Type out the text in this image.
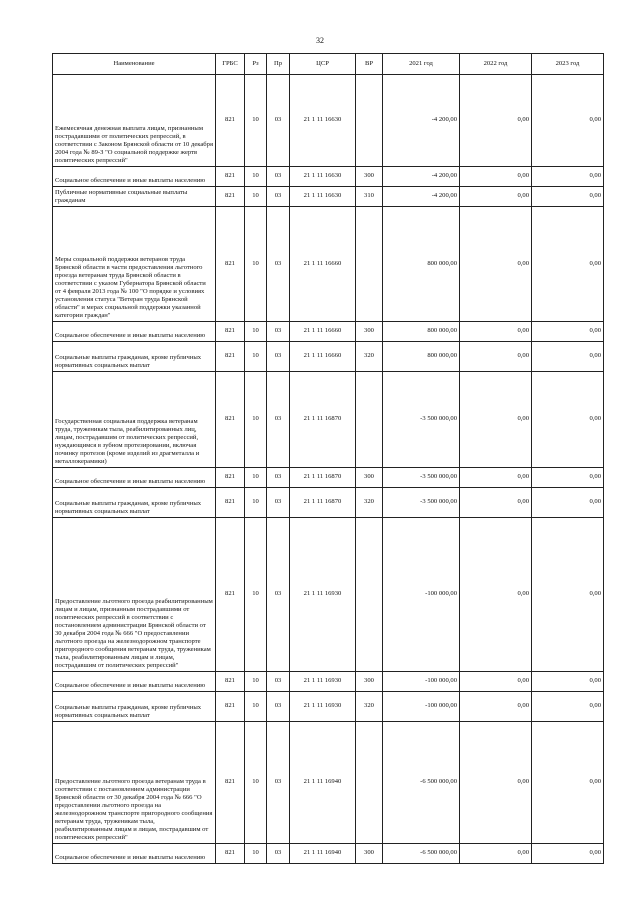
32
Наименование	ГРБС	Рз	Пр	ЦСР	ВР	2021 год	2022 год	2023 год
Ежемесячная денежная выплата лицам, признанным пострадавшими от политических репрессий, в соответствии с Законом Брянской области от 10 декабря 2004 года № 89-З "О социальной поддержке жертв политических репрессий"	821	10	03	21 1 11 16630		-4 200,00	0,00	0,00
Социальное обеспечение и иные выплаты населению	821	10	03	21 1 11 16630	300	-4 200,00	0,00	0,00
Публичные нормативные социальные выплаты гражданам	821	10	03	21 1 11 16630	310	-4 200,00	0,00	0,00
Меры социальной поддержки ветеранов труда Брянской области в части предоставления льготного проезда ветеранам труда Брянской области в соответствии с указом Губернатора Брянской области от 4 февраля 2013 года № 100 "О порядке и условиях установления статуса "Ветеран труда Брянской области" и мерах социальной поддержки указанной категории граждан"	821	10	03	21 1 11 16660		800 000,00	0,00	0,00
Социальное обеспечение и иные выплаты населению	821	10	03	21 1 11 16660	300	800 000,00	0,00	0,00
Социальные выплаты гражданам, кроме публичных нормативных социальных выплат	821	10	03	21 1 11 16660	320	800 000,00	0,00	0,00
Государственная социальная поддержка ветеранам труда, труженикам тыла, реабилитированных лиц, лицам, пострадавшим от политических репрессий, нуждающимся в зубном протезировании, включая починку протезов (кроме изделий из драгметалла и металлокерамики)	821	10	03	21 1 11 16870		-3 500 000,00	0,00	0,00
Социальное обеспечение и иные выплаты населению	821	10	03	21 1 11 16870	300	-3 500 000,00	0,00	0,00
Социальные выплаты гражданам, кроме публичных нормативных социальных выплат	821	10	03	21 1 11 16870	320	-3 500 000,00	0,00	0,00
Предоставление льготного проезда реабилитированным лицам и лицам, признанным пострадавшими от политических репрессий в соответствии с постановлением администрации Брянской области от 30 декабря 2004 года № 666 "О предоставлении льготного проезда на железнодорожном транспорте пригородного сообщения ветеранам труда, труженикам тыла, реабилитированным лицам и лицам, пострадавшим от политических репрессий"	821	10	03	21 1 11 16930		-100 000,00	0,00	0,00
Социальное обеспечение и иные выплаты населению	821	10	03	21 1 11 16930	300	-100 000,00	0,00	0,00
Социальные выплаты гражданам, кроме публичных нормативных социальных выплат	821	10	03	21 1 11 16930	320	-100 000,00	0,00	0,00
Предоставление льготного проезда ветеранам труда в соответствии с постановлением администрации Брянской области от 30 декабря 2004 года № 666 "О предоставлении льготного проезда на железнодорожном транспорте пригородного сообщения ветеранам труда, труженикам тыла, реабилитированным лицам и лицам, пострадавшим от политических репрессий"	821	10	03	21 1 11 16940		-6 500 000,00	0,00	0,00
Социальное обеспечение и иные выплаты населению	821	10	03	21 1 11 16940	300	-6 500 000,00	0,00	0,00
